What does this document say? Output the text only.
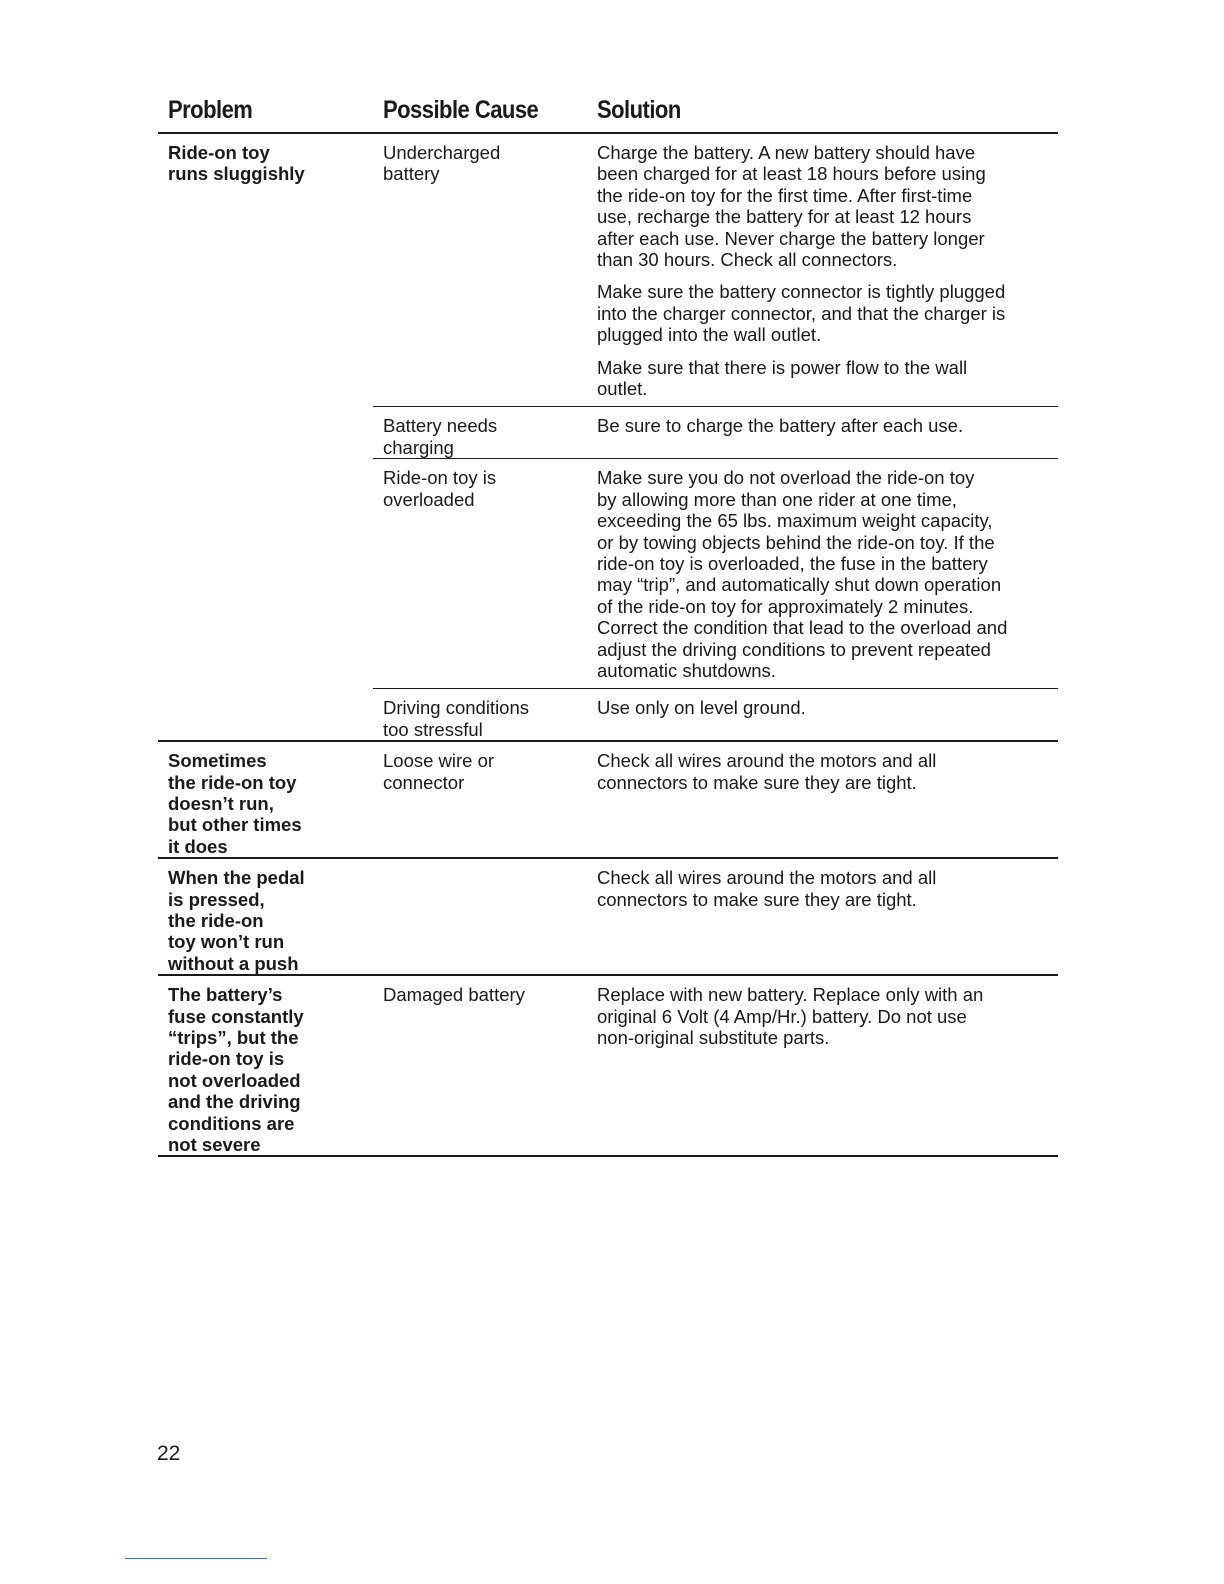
Problem	Possible Cause Solution
Ride-on toy
runs sluggishly
Undercharged
battery
Charge the battery. A new battery should have
been charged for at least 18 hours before using
the ride-on toy for the first time. After first-time
use, recharge the battery for at least 12 hours
after each use. Never charge the battery longer
than 30 hours. Check all connectors.
Make sure the battery connector is tightly plugged
into the charger connector, and that the charger is
plugged into the wall outlet.
Make sure that there is power flow to the wall
outlet.
Battery needs
charging
Be sure to charge the battery after each use.
Ride-on toy is
overloaded
Make sure you do not overload the ride-on toy
by allowing more than one rider at one time,
exceeding the 65 lbs. maximum weight capacity,
or by towing objects behind the ride-on toy. If the
ride-on toy is overloaded, the fuse in the battery
may “trip”, and automatically shut down operation
of the ride-on toy for approximately 2 minutes.
Correct the condition that lead to the overload and
adjust the driving conditions to prevent repeated
automatic shutdowns.
Driving conditions
too stressful
Use only on level ground.
Sometimes
the ride-on toy
doesn’t run,
but other times
it does
Loose wire or
connector
Check all wires around the motors and all
connectors to make sure they are tight.
When the pedal
is pressed,
the ride-on
toy won’t run
without a push
Check all wires around the motors and all
connectors to make sure they are tight.
The battery’s
fuse constantly
“trips”, but the
ride-on toy is
not overloaded
and the driving
conditions are
not severe
Damaged battery	Replace with new battery. Replace only with an
original 6 Volt (4 Amp/Hr.) battery. Do not use
non-original substitute parts.
22
